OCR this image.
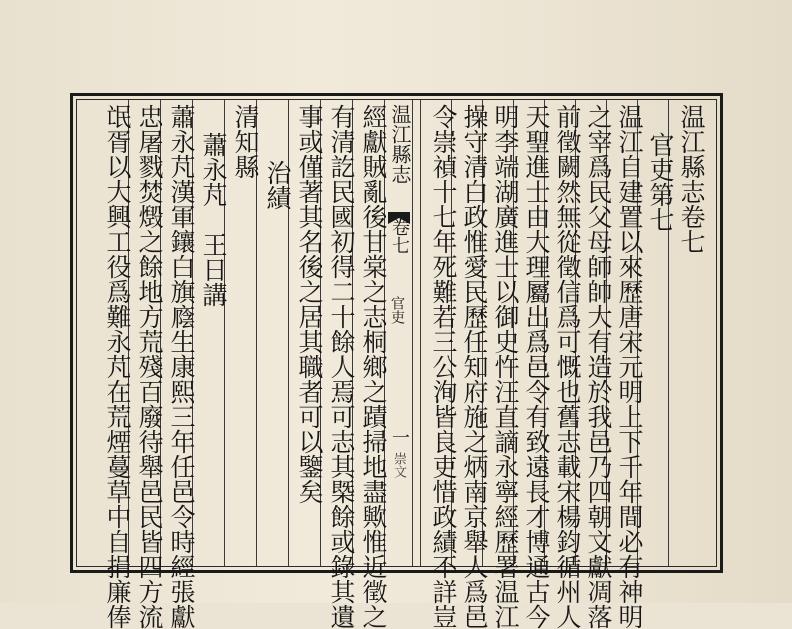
温江縣志卷七
官吏第七
温江自建置以來歷唐宋元明上下千年間必有神明
之宰爲民父母師帥大有造於我邑乃四朝文獻凋落
前徵闕然無從徵信爲可慨也舊志載宋楊鈞循州人
天聖進士由大理屬出爲邑令有致遠長才博通古今
明李端湖廣進士以御史忤汪直謫永寧經歷署温江
操守清白政惟愛民歷任知府施之炳南京舉人爲邑
令崇禎十七年死難若三公洵皆良吏惜政績不詳豈
温江縣志
卷七
官吏
一
崇文
經獻賊亂後甘棠之志桐鄉之蹟掃地盡歟惟近徵之
有清訖民國初得二十餘人焉可志其槩餘或錄其遺
事或僅著其名後之居其職者可以鑒矣
治績
清知縣
蕭永芃　王日講
蕭永芃漢軍鑲白旗廕生康熙三年任邑令時經張獻
忠屠戮焚燬之餘地方荒殘百廢待舉邑民皆四方流
氓胥以大興工役爲難永芃在荒煙蔓草中自捐廉俸
